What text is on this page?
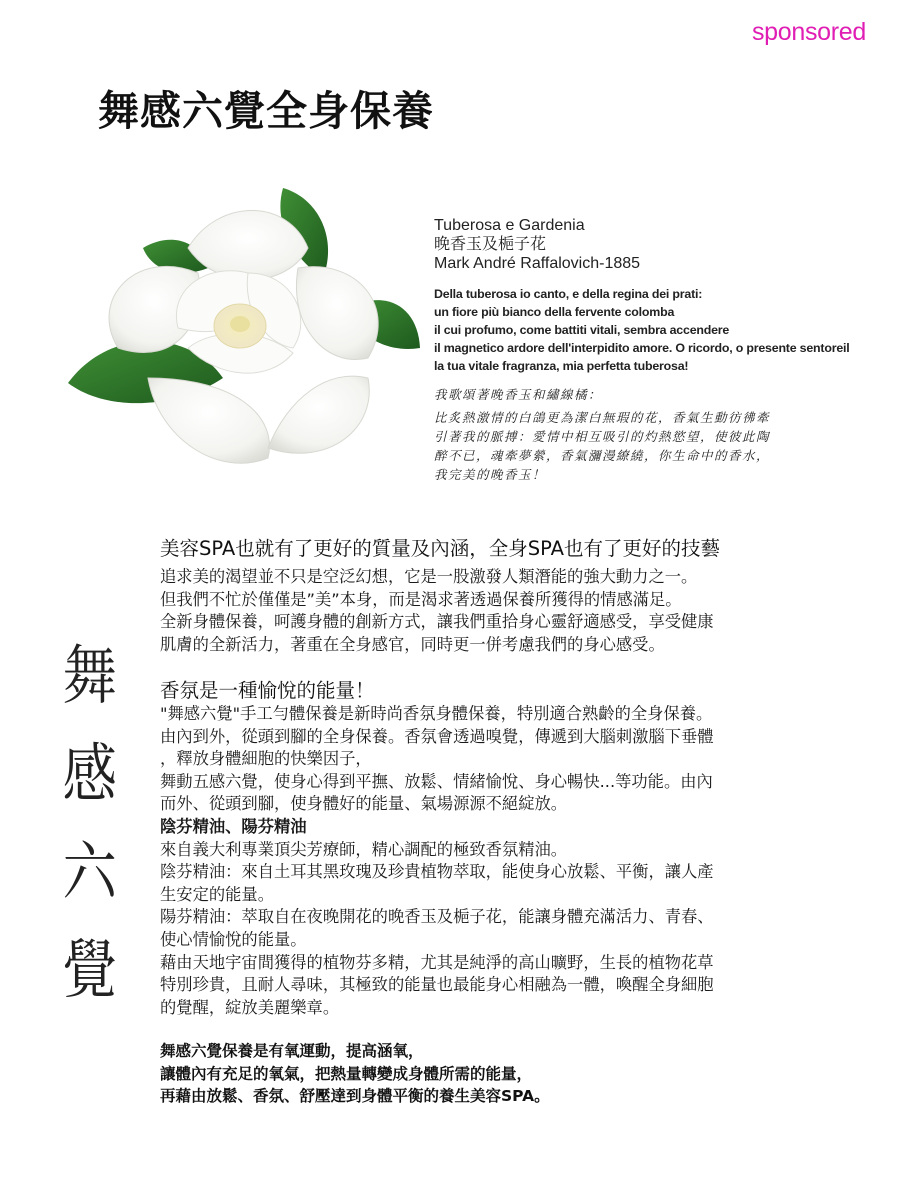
sponsored
舞感六覺全身保養
Tuberosa e Gardenia
晚香玉及梔子花
Mark André Raffalovich-1885
Della tuberosa io canto, e della regina dei prati:
un fiore più bianco della fervente colomba
il cui profumo, come battiti vitali, sembra accendere
il magnetico ardore dell'interpidito amore. O ricordo, o presente sentoreil
la tua vitale fragranza, mia perfetta tuberosa!
我歌頌著晚香玉和繡線橘：
比炙熱激情的白鴿更為潔白無瑕的花，香氣生動彷彿牽
引著我的脈搏：愛情中相互吸引的灼熱慾望，使彼此陶
醉不已，魂牽夢縈，香氣瀰漫繚繞，你生命中的香水，
我完美的晚香玉！
美容SPA也就有了更好的質量及內涵，全身SPA也有了更好的技藝
追求美的渴望並不只是空泛幻想，它是一股激發人類潛能的強大動力之一。
但我們不忙於僅僅是”美”本身，而是渴求著透過保養所獲得的情感滿足。
全新身體保養，呵護身體的創新方式，讓我們重拾身心靈舒適感受，享受健康
肌膚的全新活力，著重在全身感官，同時更一併考慮我們的身心感受。
舞
感
六
覺
香氛是一種愉悅的能量！
"舞感六覺"手工勻體保養是新時尚香氛身體保養，特別適合熟齡的全身保養。
由內到外，從頭到腳的全身保養。香氛會透過嗅覺，傳遞到大腦刺激腦下垂體
，釋放身體細胞的快樂因子，
舞動五感六覺，使身心得到平撫、放鬆、情緒愉悅、身心暢快...等功能。由內
而外、從頭到腳，使身體好的能量、氣場源源不絕綻放。
陰芬精油、陽芬精油
來自義大利專業頂尖芳療師，精心調配的極致香氛精油。
陰芬精油：來自土耳其黑玫瑰及珍貴植物萃取，能使身心放鬆、平衡，讓人產
生安定的能量。
陽芬精油：萃取自在夜晚開花的晚香玉及梔子花，能讓身體充滿活力、青春、
使心情愉悅的能量。
藉由天地宇宙間獲得的植物芬多精，尤其是純淨的高山曠野，生長的植物花草
特別珍貴，且耐人尋味，其極致的能量也最能身心相融為一體，喚醒全身細胞
的覺醒，綻放美麗樂章。
舞感六覺保養是有氧運動，提高涵氧，
讓體內有充足的氧氣，把熱量轉變成身體所需的能量，
再藉由放鬆、香氛、舒壓達到身體平衡的養生美容SPA。
